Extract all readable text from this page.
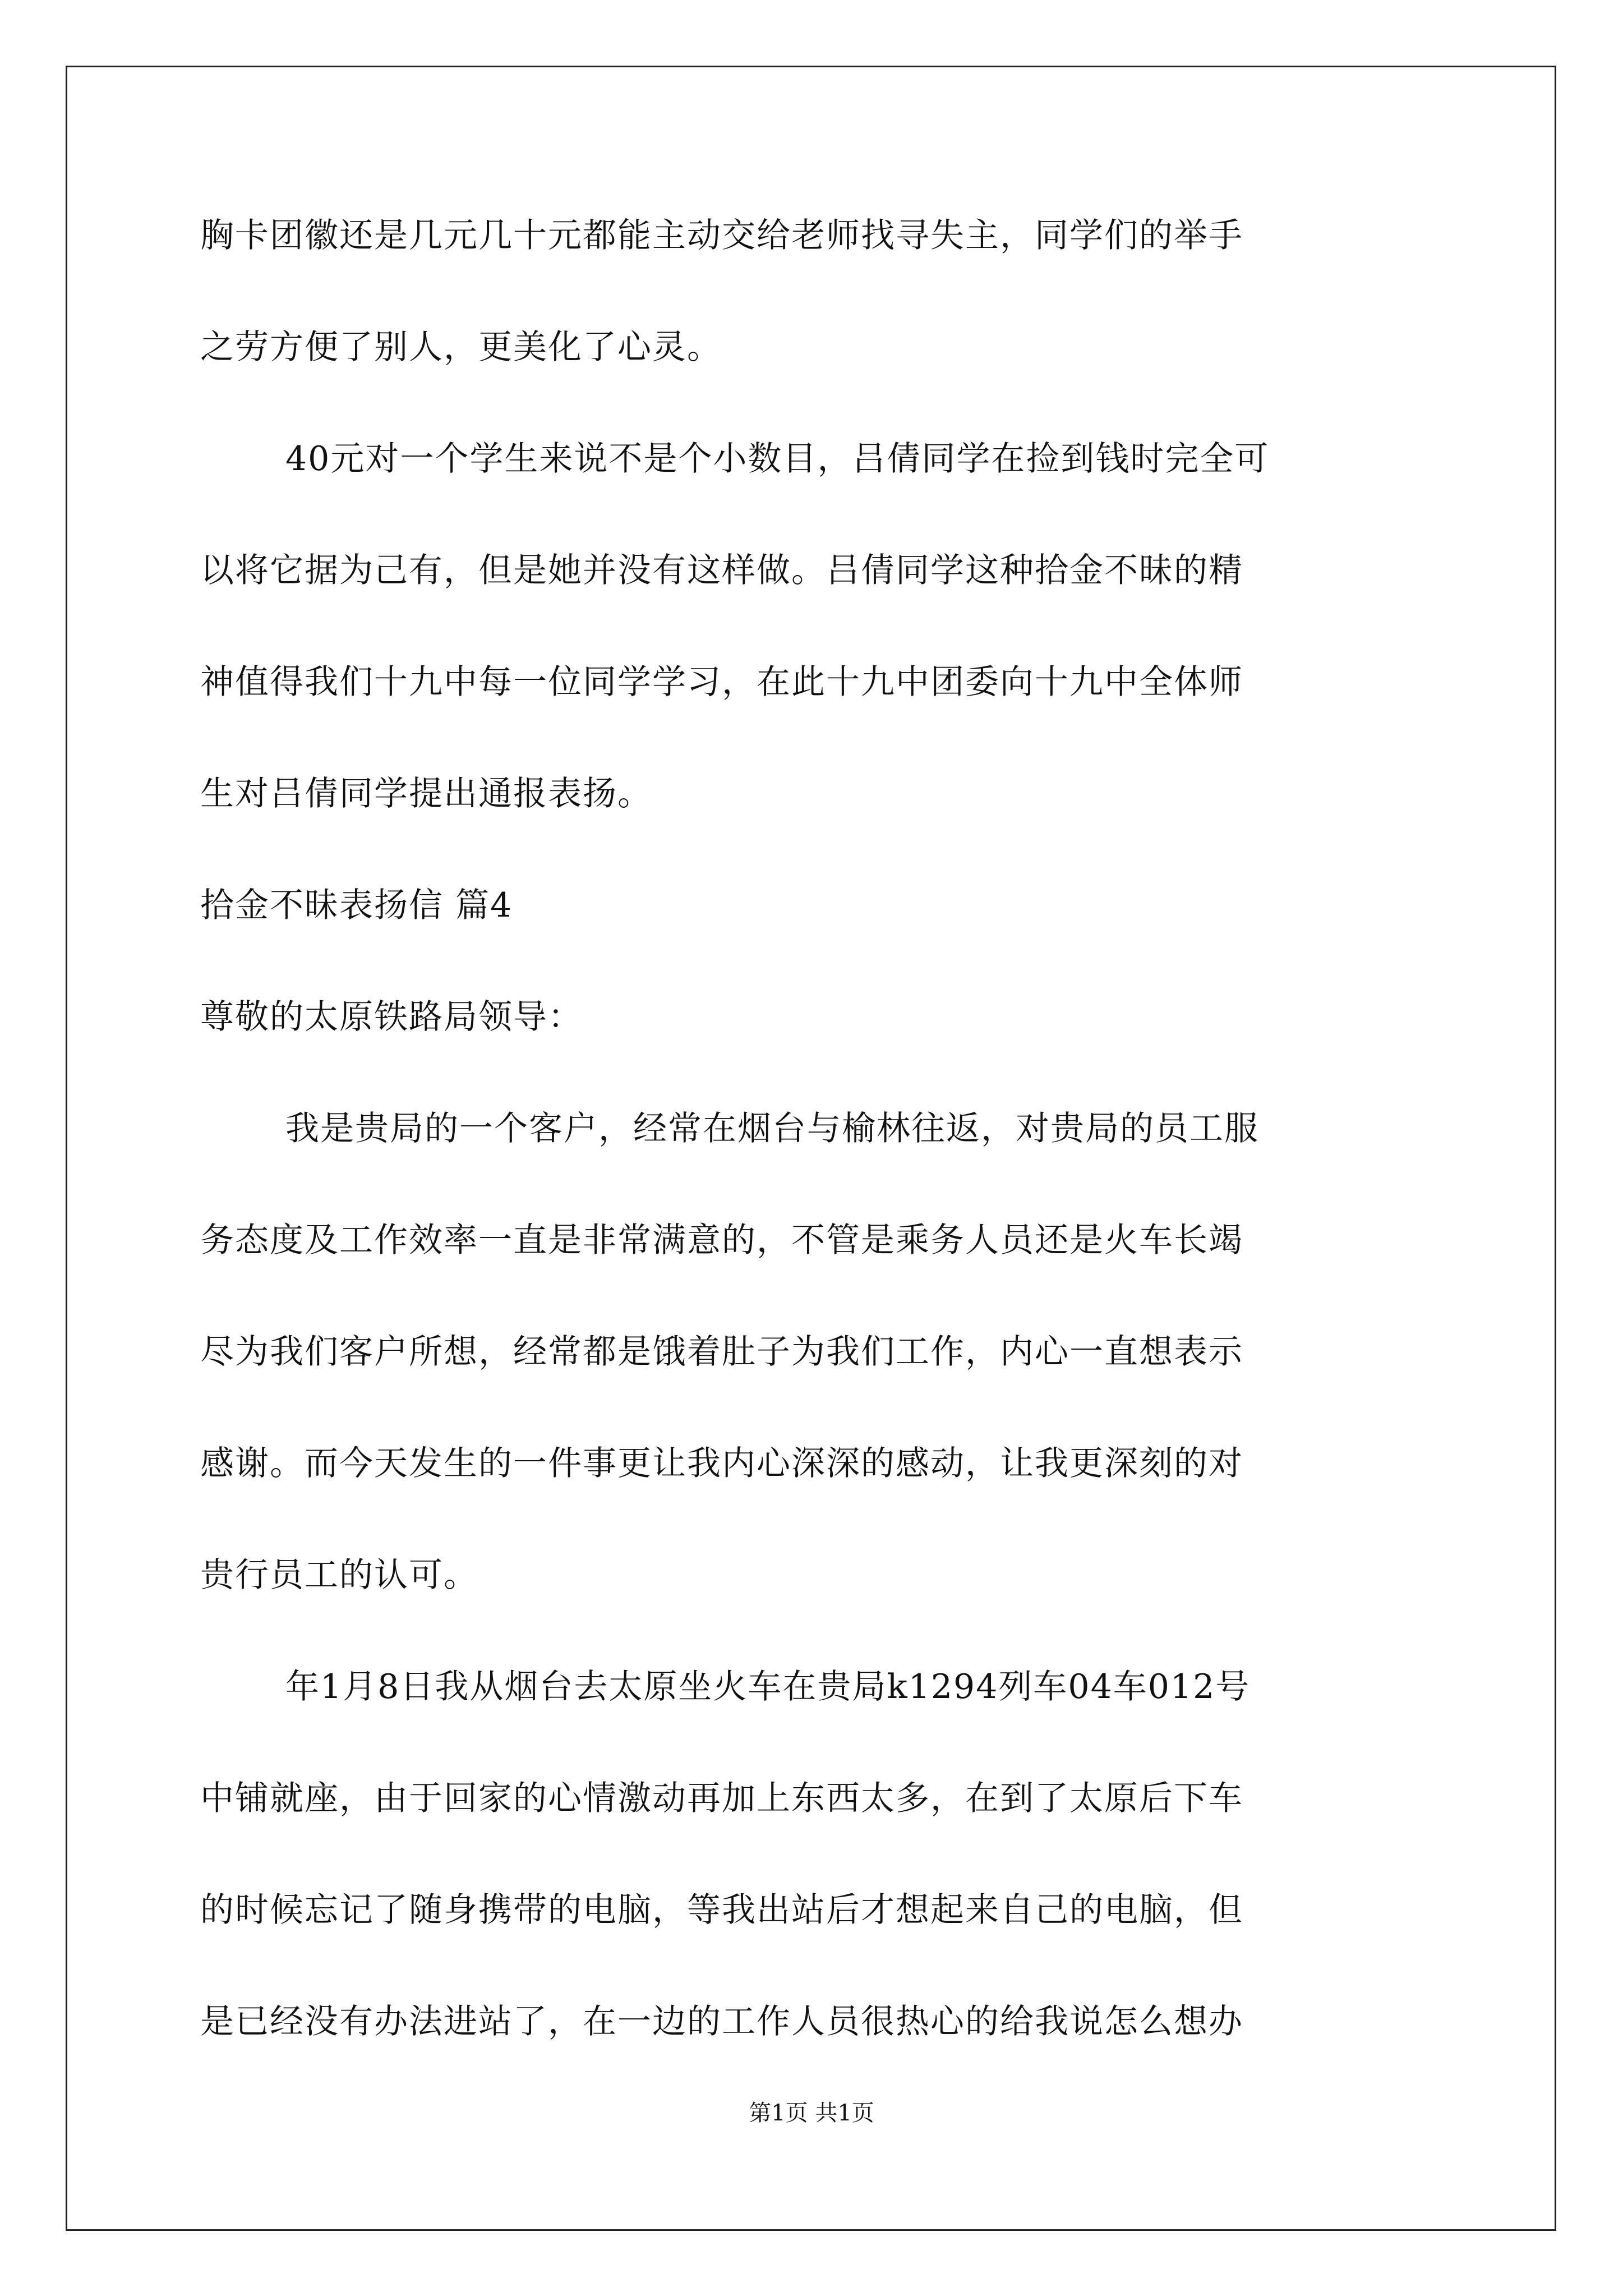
胸卡团徽还是几元几十元都能主动交给老师找寻失主，同学们的举手
之劳方便了别人，更美化了心灵。
40元对一个学生来说不是个小数目，吕倩同学在捡到钱时完全可
以将它据为己有，但是她并没有这样做。吕倩同学这种拾金不昧的精
神值得我们十九中每一位同学学习，在此十九中团委向十九中全体师
生对吕倩同学提出通报表扬。
拾金不昧表扬信 篇4
尊敬的太原铁路局领导：
我是贵局的一个客户，经常在烟台与榆林往返，对贵局的员工服
务态度及工作效率一直是非常满意的，不管是乘务人员还是火车长竭
尽为我们客户所想，经常都是饿着肚子为我们工作，内心一直想表示
感谢。而今天发生的一件事更让我内心深深的感动，让我更深刻的对
贵行员工的认可。
年1月8日我从烟台去太原坐火车在贵局k1294列车04车012号
中铺就座，由于回家的心情激动再加上东西太多，在到了太原后下车
的时候忘记了随身携带的电脑，等我出站后才想起来自己的电脑，但
是已经没有办法进站了，在一边的工作人员很热心的给我说怎么想办
第1页 共1页
